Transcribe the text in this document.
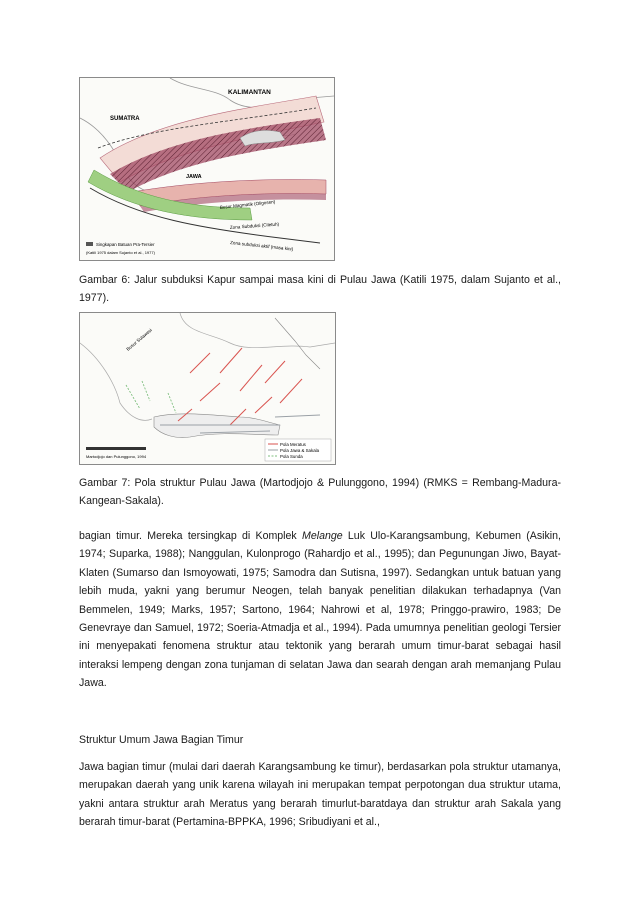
KALIMANTAN
SUMATRA
JAWA
Busur Magmatik (Oligosen)
Zona Subduksi (Ciletuh)
Zona subduksi aktif (masa kini)
Singkapan Batuan Pra-Tersier
(Katili 1975 dalam Sujanto et al., 1977)
Gambar 6: Jalur subduksi Kapur sampai masa kini di Pulau Jawa (Katili 1975, dalam Sujanto et al., 1977).
Busur Sulawesi
Pola Meratus
Pola Jawa & Sakala
Pola Sunda
Martodjojo dan Pulunggono, 1994
Gambar 7: Pola struktur Pulau Jawa (Martodjojo & Pulunggono, 1994) (RMKS = Rembang-Madura-Kangean-Sakala).
bagian timur. Mereka tersingkap di Komplek Melange Luk Ulo-Karangsambung, Kebumen (Asikin, 1974; Suparka, 1988); Nanggulan, Kulonprogo (Rahardjo et al., 1995); dan Pegunungan Jiwo, Bayat-Klaten (Sumarso dan Ismoyowati, 1975; Samodra dan Sutisna, 1997). Sedangkan untuk batuan yang lebih muda, yakni yang berumur Neogen, telah banyak penelitian dilakukan terhadapnya (Van Bemmelen, 1949; Marks, 1957; Sartono, 1964; Nahrowi et al, 1978; Pringgo-prawiro, 1983; De Genevraye dan Samuel, 1972; Soeria-Atmadja et al., 1994). Pada umumnya penelitian geologi Tersier ini menyepakati fenomena struktur atau tektonik yang berarah umum timur-barat sebagai hasil interaksi lempeng dengan zona tunjaman di selatan Jawa dan searah dengan arah memanjang Pulau Jawa.
Struktur Umum Jawa Bagian Timur
Jawa bagian timur (mulai dari daerah Karangsambung ke timur), berdasarkan pola struktur utamanya, merupakan daerah yang unik karena wilayah ini merupakan tempat perpotongan dua struktur utama, yakni antara struktur arah Meratus yang berarah timurlut-baratdaya dan struktur arah Sakala yang berarah timur-barat (Pertamina-BPPKA, 1996; Sribudiyani et al.,
